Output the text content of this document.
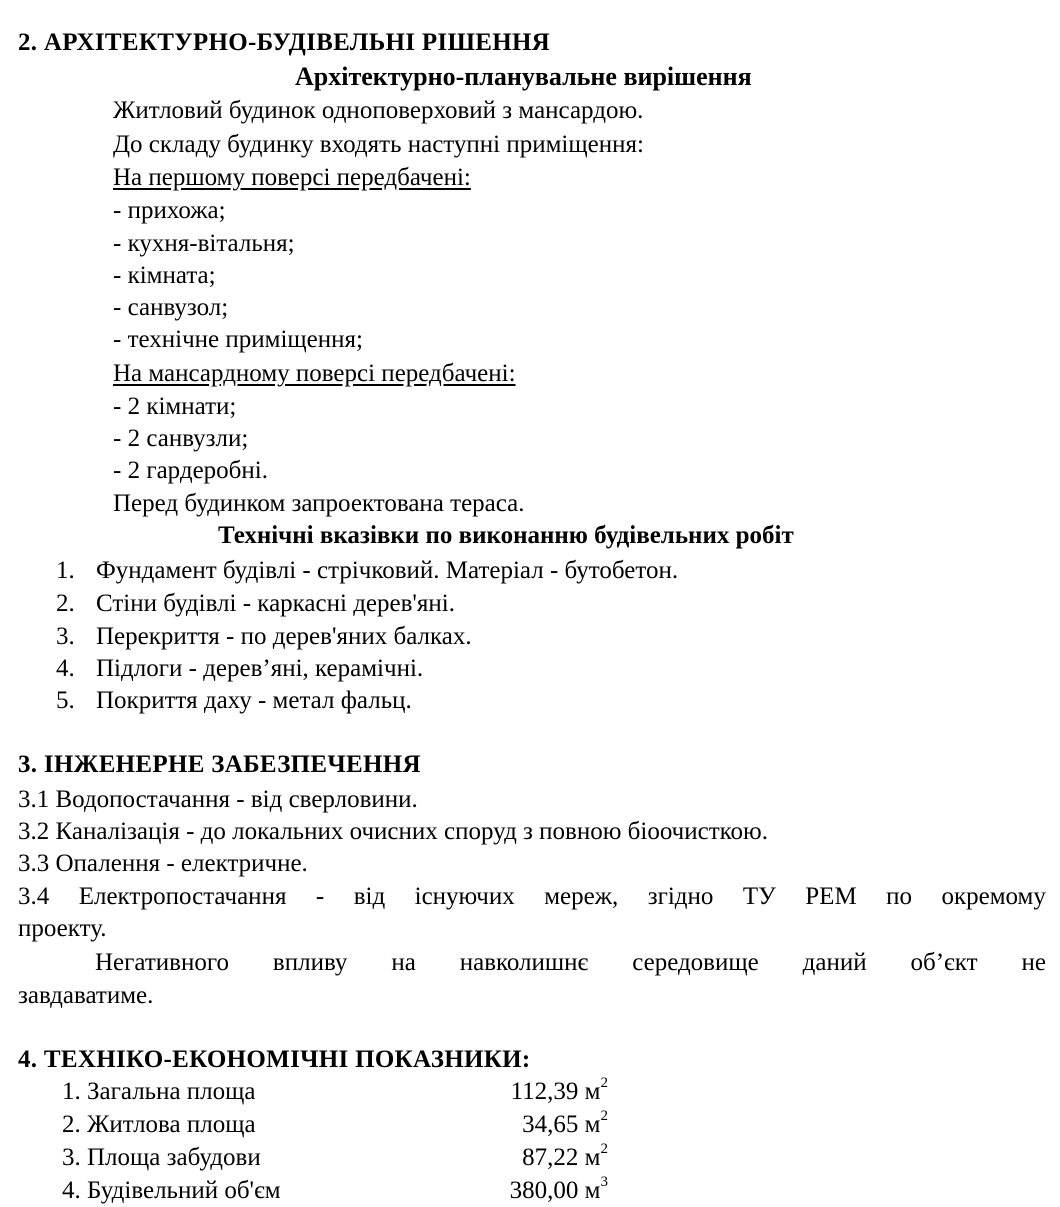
2. АРХІТЕКТУРНО-БУДІВЕЛЬНІ РІШЕННЯ
Архітектурно-планувальне вирішення
Житловий будинок одноповерховий з мансардою.
До складу будинку входять наступні приміщення:
На першому поверсі передбачені:
- прихожа;
- кухня-вітальня;
- кімната;
- санвузол;
- технічне приміщення;
На мансардному поверсі передбачені:
- 2 кімнати;
- 2 санвузли;
- 2 гардеробні.
Перед будинком запроектована тераса.
Технічні вказівки по виконанню будівельних робіт
1. Фундамент будівлі - стрічковий. Матеріал - бутобетон.
2. Стіни будівлі - каркасні дерев'яні.
3. Перекриття - по дерев'яних балках.
4. Підлоги - дерев’яні, керамічні.
5. Покриття даху - метал фальц.
3. ІНЖЕНЕРНЕ ЗАБЕЗПЕЧЕННЯ
3.1 Водопостачання - від сверловини.
3.2 Каналізація - до локальних очисних споруд з повною біоочисткою.
3.3 Опалення - електричне.
3.4 Електропостачання - від існуючих мереж, згідно ТУ РЕМ по окремому
проекту.
Негативного впливу на навколишнє середовище даний об’єкт не
завдаватиме.
4. ТЕХНІКО-ЕКОНОМІЧНІ ПОКАЗНИКИ:
1. Загальна площа	112,39 $м^2$
2. Житлова площа	34,65 $м^2$
3. Площа забудови	87,22 $м^2$
4. Будівельний об'єм	380,00 $м^3$
